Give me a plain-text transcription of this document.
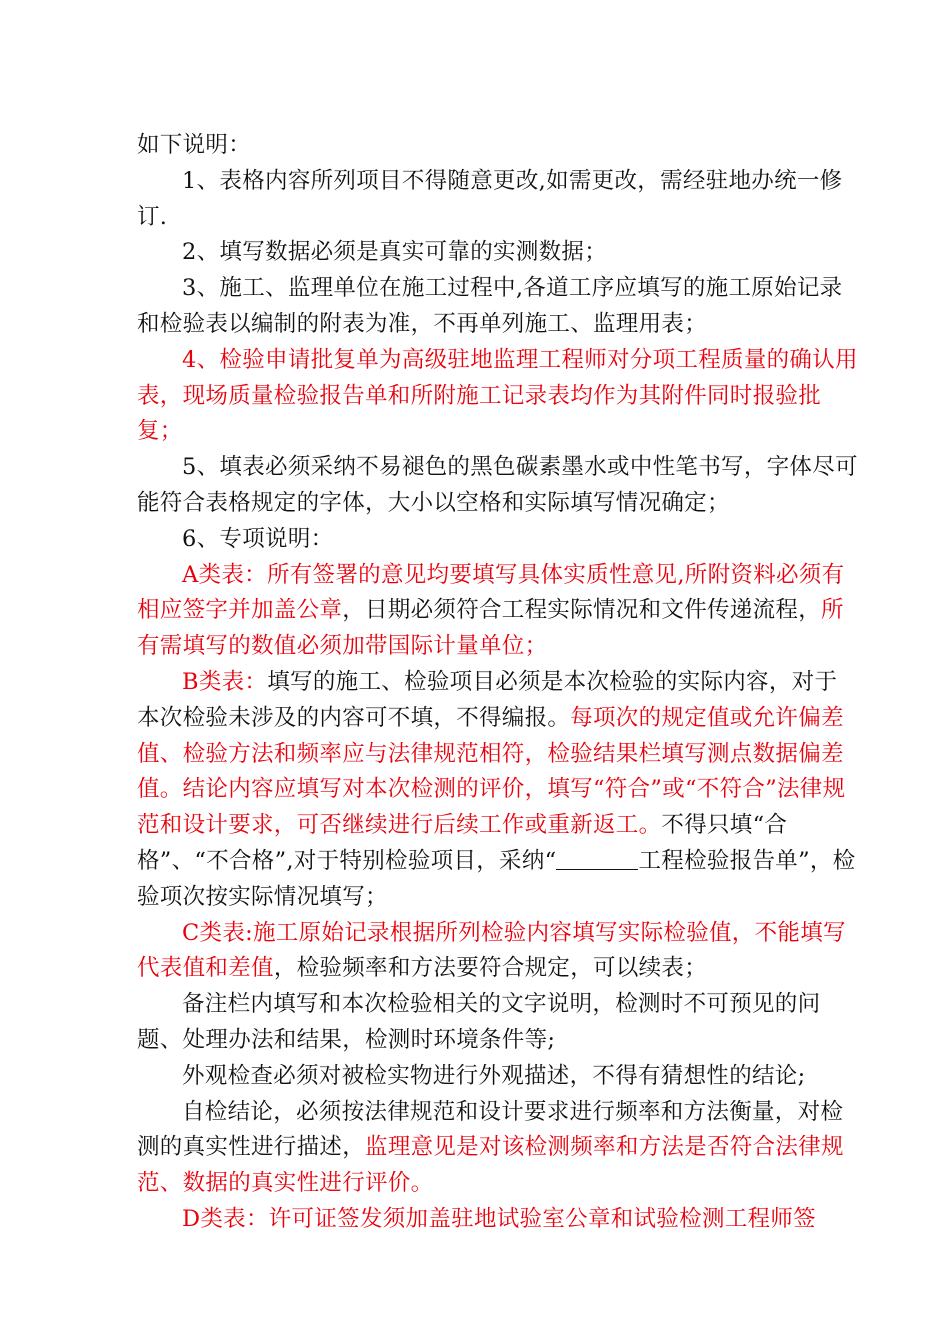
如下说明：

1、表格内容所列项目不得随意更改,如需更改，需经驻地办统一修订.

2、填写数据必须是真实可靠的实测数据；

3、施工、监理单位在施工过程中,各道工序应填写的施工原始记录和检验表以编制的附表为准，不再单列施工、监理用表；

4、检验申请批复单为高级驻地监理工程师对分项工程质量的确认用表，现场质量检验报告单和所附施工记录表均作为其附件同时报验批复；

5、填表必须采纳不易褪色的黑色碳素墨水或中性笔书写，字体尽可能符合表格规定的字体，大小以空格和实际填写情况确定；

6、专项说明：

A类表：所有签署的意见均要填写具体实质性意见,所附资料必须有相应签字并加盖公章，日期必须符合工程实际情况和文件传递流程，所有需填写的数值必须加带国际计量单位；

B类表：填写的施工、检验项目必须是本次检验的实际内容，对于本次检验未涉及的内容可不填，不得编报。每项次的规定值或允许偏差值、检验方法和频率应与法律规范相符，检验结果栏填写测点数据偏差值。结论内容应填写对本次检测的评价，填写“符合”或“不符合”法律规范和设计要求，可否继续进行后续工作或重新返工。不得只填“合格”、“不合格”,对于特别检验项目，采纳“	工程检验报告单”，检验项次按实际情况填写；

C类表:施工原始记录根据所列检验内容填写实际检验值，不能填写代表值和差值，检验频率和方法要符合规定，可以续表；

备注栏内填写和本次检验相关的文字说明，检测时不可预见的问题、处理办法和结果，检测时环境条件等;

外观检查必须对被检实物进行外观描述，不得有猜想性的结论;

自检结论，必须按法律规范和设计要求进行频率和方法衡量，对检测的真实性进行描述，监理意见是对该检测频率和方法是否符合法律规范、数据的真实性进行评价。

D类表：许可证签发须加盖驻地试验室公章和试验检测工程师签
